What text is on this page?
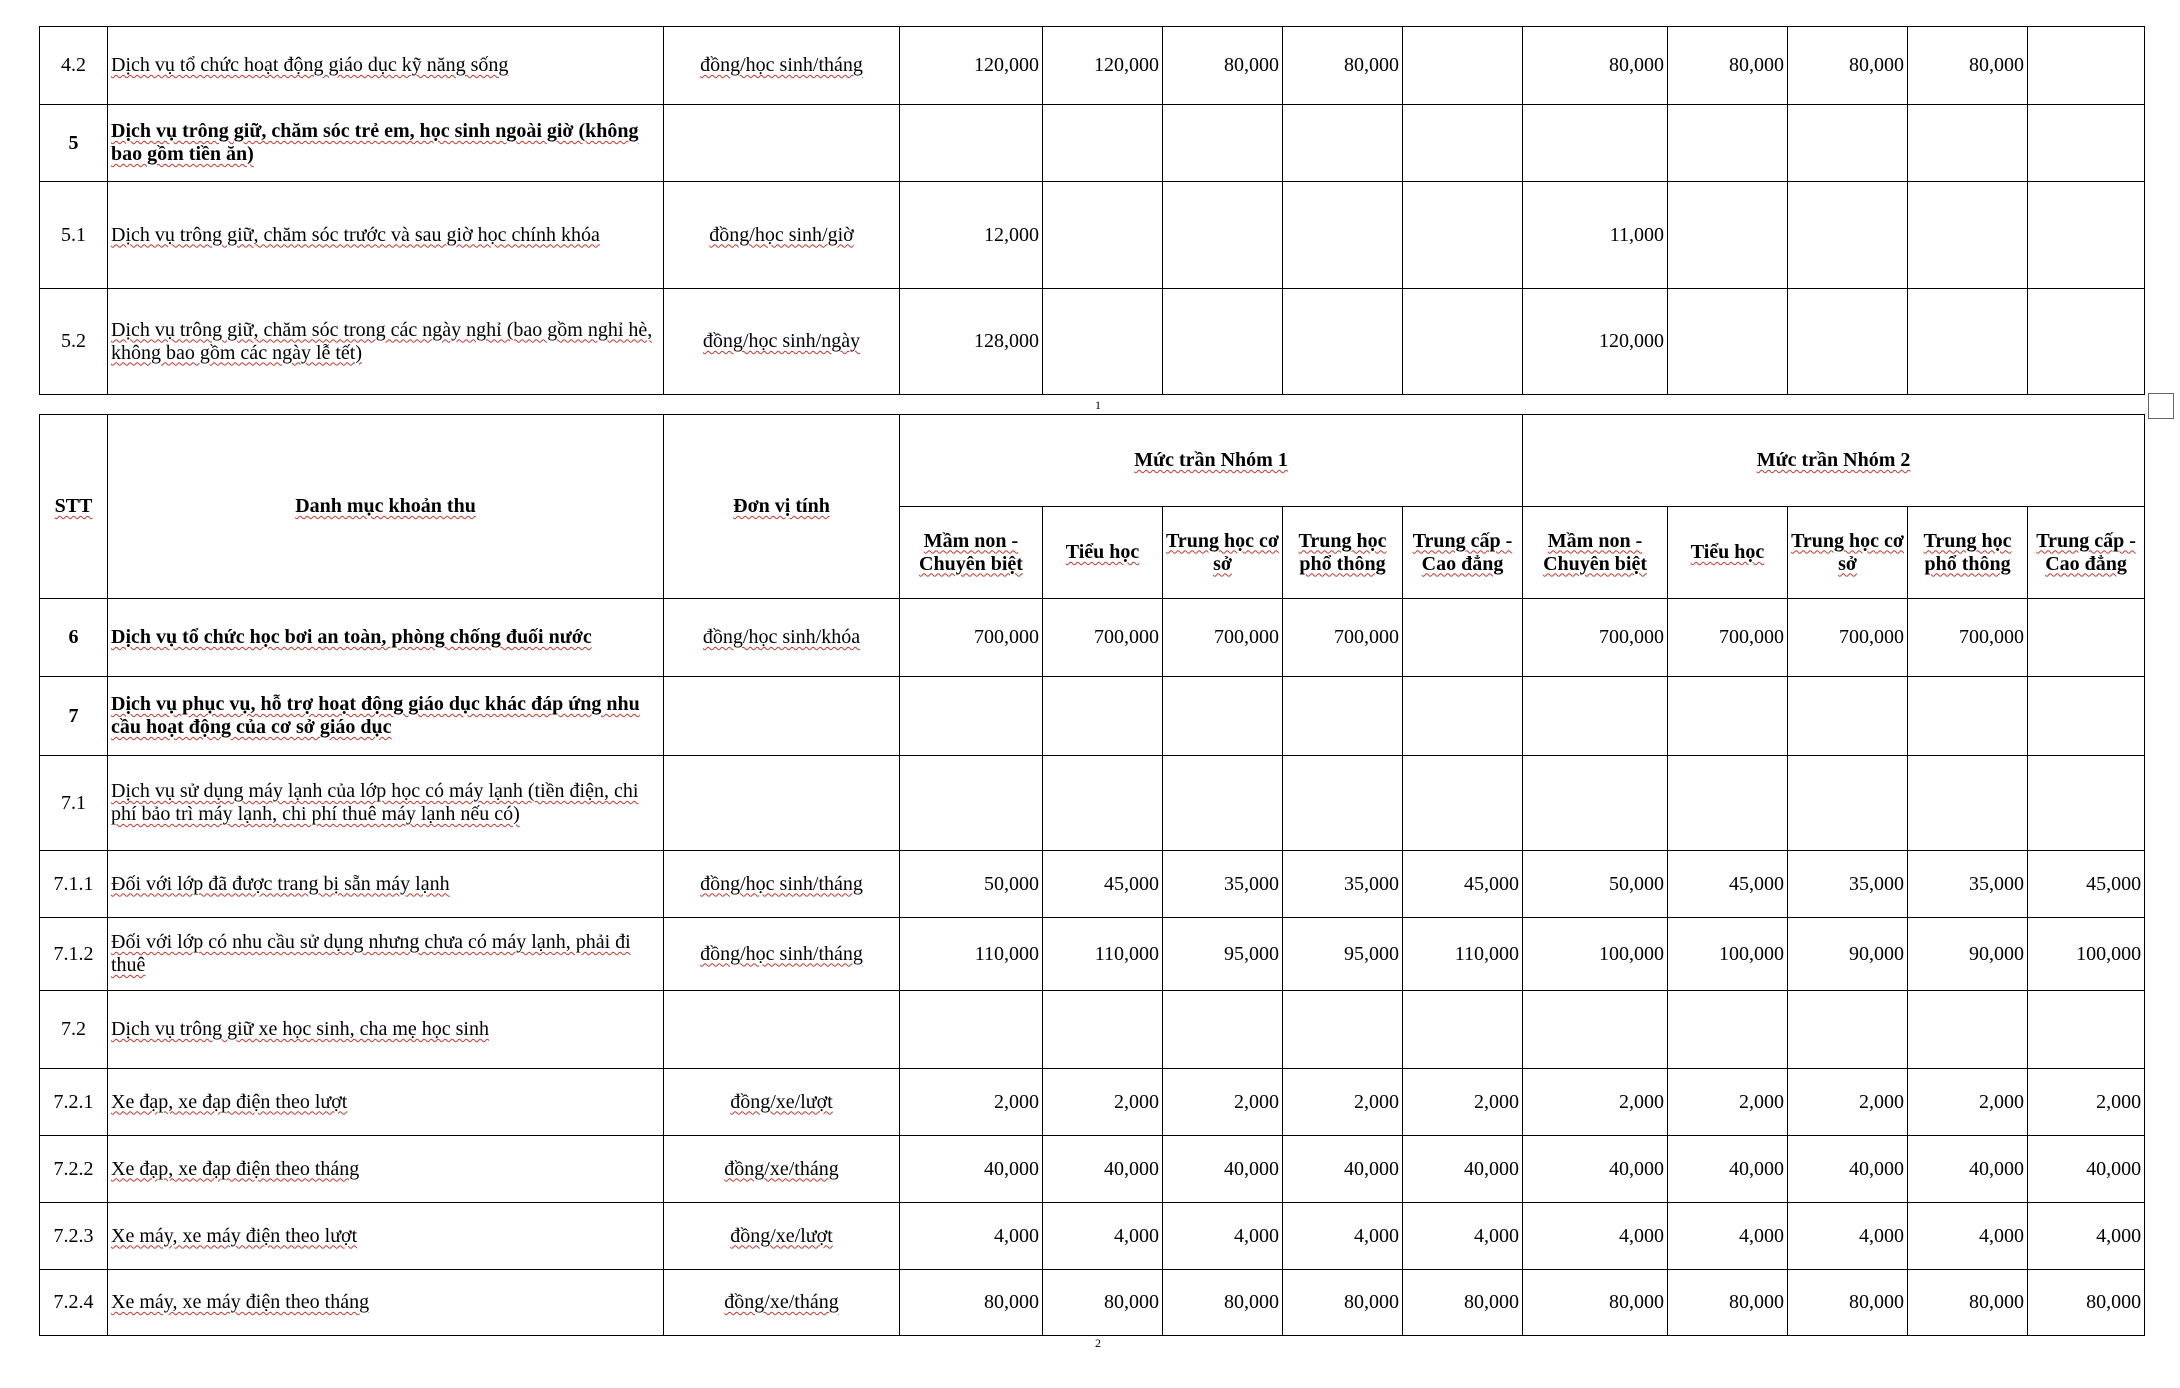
4.2	Dịch vụ tổ chức hoạt động giáo dục kỹ năng sống	đồng/học sinh/tháng	120,000	120,000	80,000	80,000		80,000	80,000	80,000	80,000	
5	Dịch vụ trông giữ, chăm sóc trẻ em, học sinh ngoài giờ (không bao gồm tiền ăn)											
5.1	Dịch vụ trông giữ, chăm sóc trước và sau giờ học chính khóa	đồng/học sinh/giờ	12,000					11,000				
5.2	Dịch vụ trông giữ, chăm sóc trong các ngày nghỉ (bao gồm nghỉ hè, không bao gồm các ngày lễ tết)	đồng/học sinh/ngày	128,000					120,000				
1
STT	Danh mục khoản thu	Đơn vị tính	Mức trần Nhóm 1					Mức trần Nhóm 2				
			Mầm non - Chuyên biệt	Tiểu học	Trung học cơ sở	Trung học phổ thông	Trung cấp - Cao đẳng	Mầm non - Chuyên biệt	Tiểu học	Trung học cơ sở	Trung học phổ thông	Trung cấp - Cao đẳng
6	Dịch vụ tổ chức học bơi an toàn, phòng chống đuối nước	đồng/học sinh/khóa	700,000	700,000	700,000	700,000		700,000	700,000	700,000	700,000	
7	Dịch vụ phục vụ, hỗ trợ hoạt động giáo dục khác đáp ứng nhu cầu hoạt động của cơ sở giáo dục											
7.1	Dịch vụ sử dụng máy lạnh của lớp học có máy lạnh (tiền điện, chi phí bảo trì máy lạnh, chi phí thuê máy lạnh nếu có)											
7.1.1	Đối với lớp đã được trang bị sẵn máy lạnh	đồng/học sinh/tháng	50,000	45,000	35,000	35,000	45,000	50,000	45,000	35,000	35,000	45,000
7.1.2	Đối với lớp có nhu cầu sử dụng nhưng chưa có máy lạnh, phải đi thuê	đồng/học sinh/tháng	110,000	110,000	95,000	95,000	110,000	100,000	100,000	90,000	90,000	100,000
7.2	Dịch vụ trông giữ xe học sinh, cha mẹ học sinh											
7.2.1	Xe đạp, xe đạp điện theo lượt	đồng/xe/lượt	2,000	2,000	2,000	2,000	2,000	2,000	2,000	2,000	2,000	2,000
7.2.2	Xe đạp, xe đạp điện theo tháng	đồng/xe/tháng	40,000	40,000	40,000	40,000	40,000	40,000	40,000	40,000	40,000	40,000
7.2.3	Xe máy, xe máy điện theo lượt	đồng/xe/lượt	4,000	4,000	4,000	4,000	4,000	4,000	4,000	4,000	4,000	4,000
7.2.4	Xe máy, xe máy điện theo tháng	đồng/xe/tháng	80,000	80,000	80,000	80,000	80,000	80,000	80,000	80,000	80,000	80,000
2
